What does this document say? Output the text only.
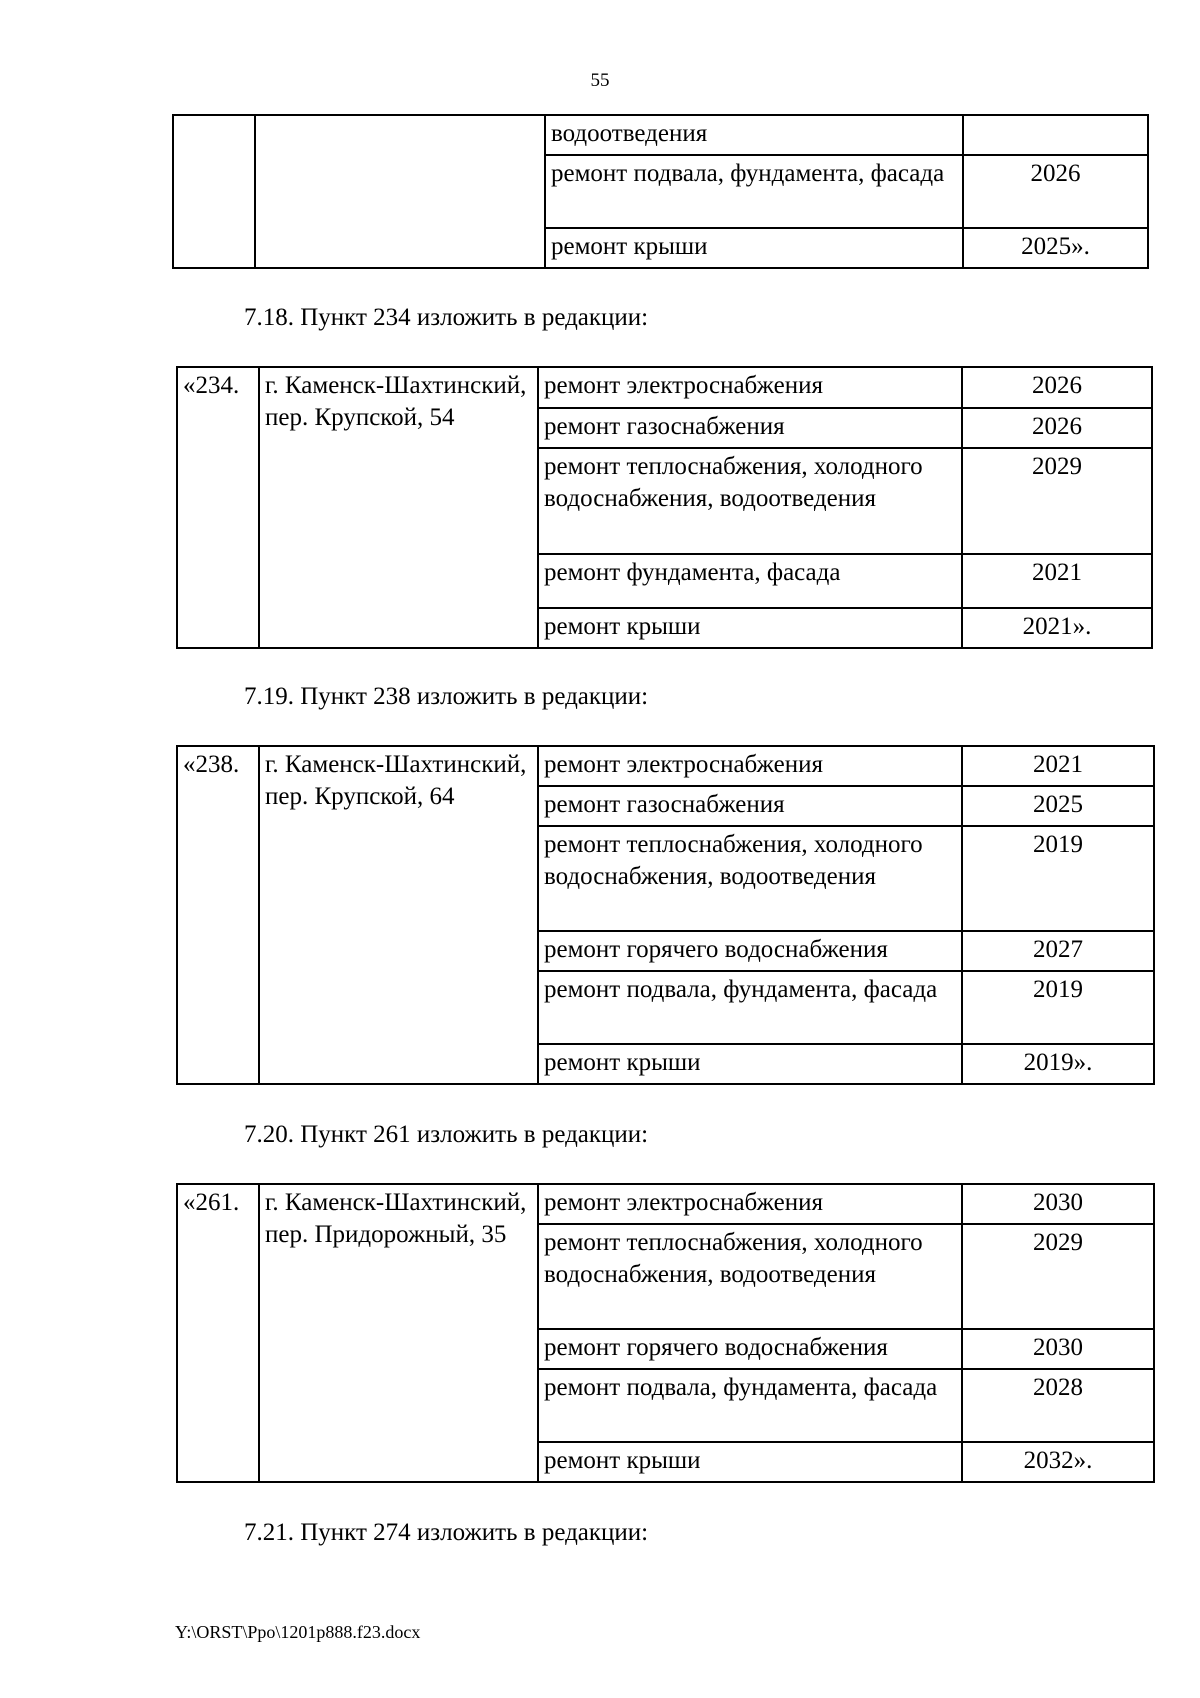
55
		водоотведения	
		ремонт подвала, фундамента, фасада	2026
		ремонт крыши	2025».
7.18. Пункт 234 изложить в редакции:
«234.	г. Каменск-Шахтинский, пер. Крупской, 54	ремонт электроснабжения	2026
		ремонт газоснабжения	2026
		ремонт теплоснабжения, холодного водоснабжения, водоотведения	2029
		ремонт фундамента, фасада	2021
		ремонт крыши	2021».
7.19. Пункт 238 изложить в редакции:
«238.	г. Каменск-Шахтинский, пер. Крупской, 64	ремонт электроснабжения	2021
		ремонт газоснабжения	2025
		ремонт теплоснабжения, холодного водоснабжения, водоотведения	2019
		ремонт горячего водоснабжения	2027
		ремонт подвала, фундамента, фасада	2019
		ремонт крыши	2019».
7.20. Пункт 261 изложить в редакции:
«261.	г. Каменск-Шахтинский, пер. Придорожный, 35	ремонт электроснабжения	2030
		ремонт теплоснабжения, холодного водоснабжения, водоотведения	2029
		ремонт горячего водоснабжения	2030
		ремонт подвала, фундамента, фасада	2028
		ремонт крыши	2032».
7.21. Пункт 274 изложить в редакции:
Y:\ORST\Ppo\1201p888.f23.docx
